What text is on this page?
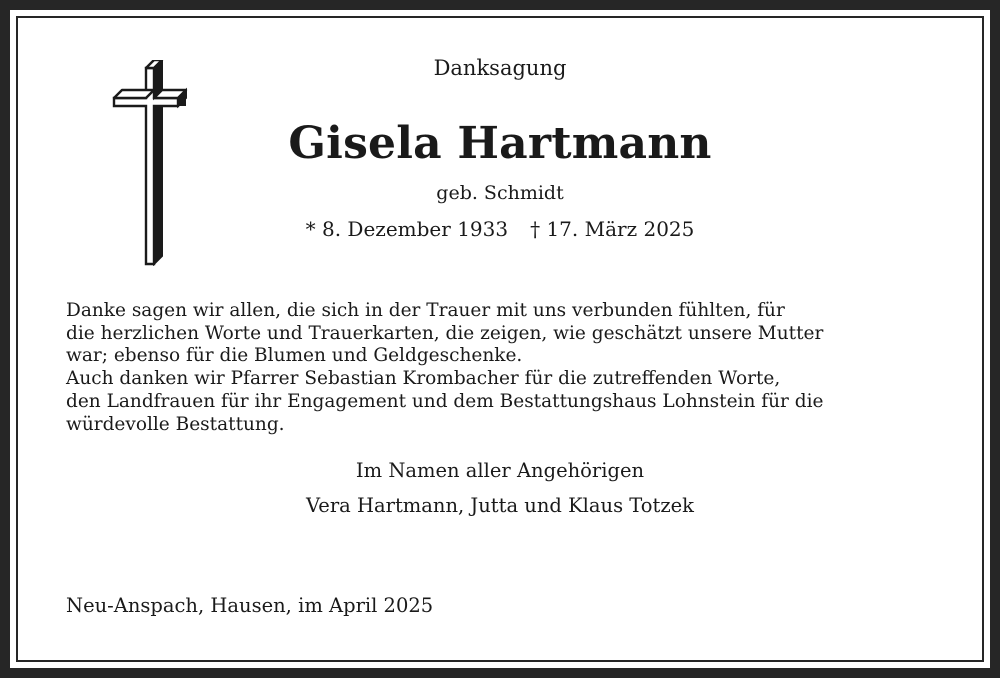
Danksagung
Gisela Hartmann
geb. Schmidt
* 8. Dezember 1933 † 17. März 2025
Danke sagen wir allen, die sich in der Trauer mit uns verbunden fühlten, für
die herzlichen Worte und Trauerkarten, die zeigen, wie geschätzt unsere Mutter
war; ebenso für die Blumen und Geldgeschenke.
Auch danken wir Pfarrer Sebastian Krombacher für die zutreffenden Worte,
den Landfrauen für ihr Engagement und dem Bestattungshaus Lohnstein für die
würdevolle Bestattung.
Im Namen aller Angehörigen
Vera Hartmann, Jutta und Klaus Totzek
Neu-Anspach, Hausen, im April 2025
